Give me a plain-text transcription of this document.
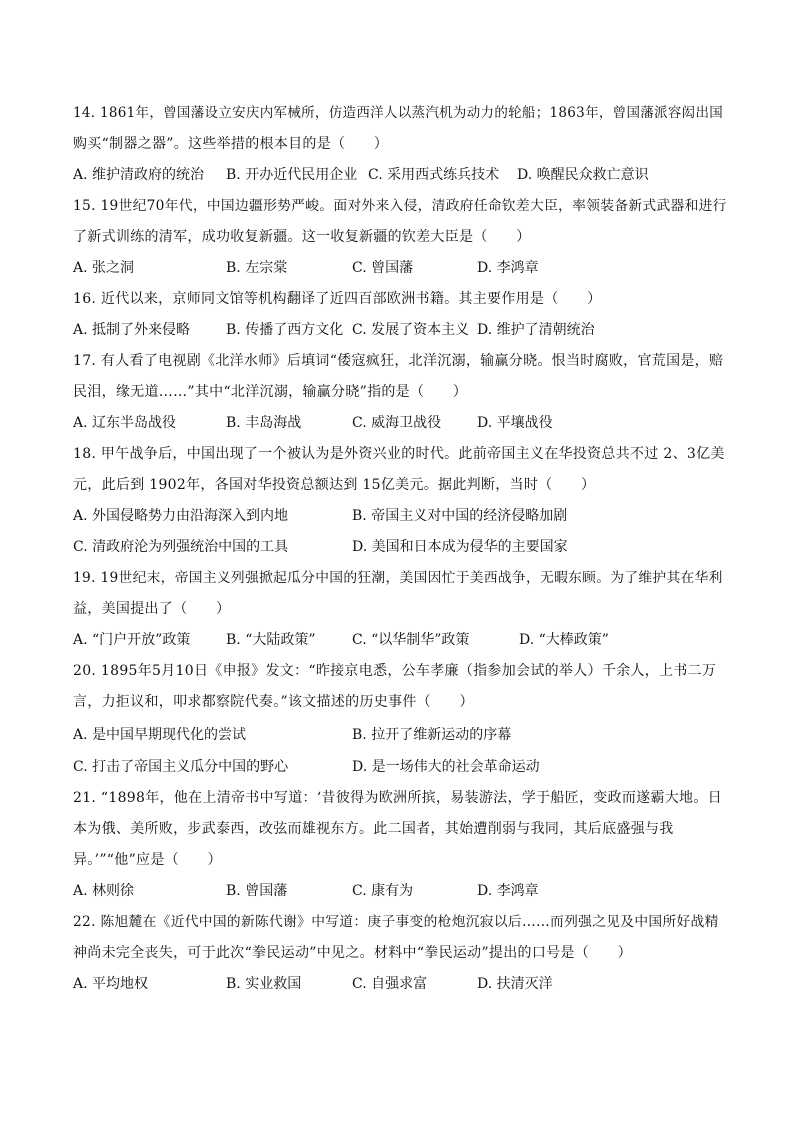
14. 1861年，曾国藩设立安庆内军械所，仿造西洋人以蒸汽机为动力的轮船；1863年，曾国藩派容闳出国
购买“制器之器”。这些举措的根本目的是（　　）
A. 维护清政府的统治 B. 开办近代民用企业 C. 采用西式练兵技术 D. 唤醒民众救亡意识
15. 19世纪70年代，中国边疆形势严峻。面对外来入侵，清政府任命钦差大臣，率领装备新式武器和进行
了新式训练的清军，成功收复新疆。这一收复新疆的钦差大臣是（　　）
A. 张之洞	B. 左宗棠	C. 曾国藩	D. 李鸿章
16. 近代以来，京师同文馆等机构翻译了近四百部欧洲书籍。其主要作用是（　　）
A. 抵制了外来侵略	B. 传播了西方文化 C. 发展了资本主义 D. 维护了清朝统治
17. 有人看了电视剧《北洋水师》后填词“倭寇疯狂，北洋沉溺，输赢分晓。恨当时腐败，官荒国是，赔
民泪，缘无道……”其中“北洋沉溺，输赢分晓”指的是（　　）
A. 辽东半岛战役	B. 丰岛海战	C. 威海卫战役	D. 平壤战役
18. 甲午战争后，中国出现了一个被认为是外资兴业的时代。此前帝国主义在华投资总共不过 2、3亿美
元，此后到 1902年，各国对华投资总额达到 15亿美元。据此判断，当时（　　）
A. 外国侵略势力由沿海深入到内地	B. 帝国主义对中国的经济侵略加剧
C. 清政府沦为列强统治中国的工具	D. 美国和日本成为侵华的主要国家
19. 19世纪末，帝国主义列强掀起瓜分中国的狂潮，美国因忙于美西战争，无暇东顾。为了维护其在华利
益，美国提出了（　　）
A. “门户开放”政策	B. “大陆政策”	C. “以华制华”政策	D. “大棒政策”
20. 1895年5月10日《申报》发文：“昨接京电悉，公车孝廉（指参加会试的举人）千余人，上书二万
言，力拒议和，叩求都察院代奏。”该文描述的历史事件（　　）
A. 是中国早期现代化的尝试	B. 拉开了维新运动的序幕
C. 打击了帝国主义瓜分中国的野心	D. 是一场伟大的社会革命运动
21. “1898年，他在上清帝书中写道：‘昔彼得为欧洲所摈，易装游法，学于船匠，变政而遂霸大地。日
本为俄、美所败，步武泰西，改弦而雄视东方。此二国者，其始遭削弱与我同，其后底盛强与我
异。’”“他”应是（　　）
A. 林则徐	B. 曾国藩	C. 康有为	D. 李鸿章
22. 陈旭麓在《近代中国的新陈代谢》中写道：庚子事变的枪炮沉寂以后……而列强之见及中国所好战精
神尚未完全丧失，可于此次“拳民运动”中见之。材料中“拳民运动”提出的口号是（　　）
A. 平均地权	B. 实业救国	C. 自强求富	D. 扶清灭洋
